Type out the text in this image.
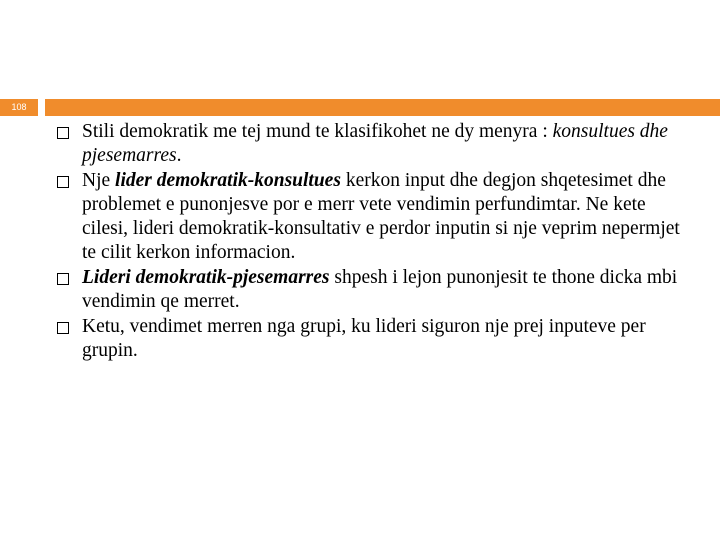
108
Stili demokratik me tej mund te klasifikohet ne dy menyra : konsultues dhe pjesemarres.
Nje lider demokratik-konsultues kerkon input dhe degjon shqetesimet dhe problemet e punonjesve por e merr vete vendimin perfundimtar. Ne kete cilesi, lideri demokratik-konsultativ e perdor inputin si nje veprim nepermjet te cilit kerkon informacion.
Lideri demokratik-pjesemarres shpesh i lejon punonjesit te thone dicka mbi vendimin qe merret.
Ketu, vendimet merren nga grupi, ku lideri siguron nje prej inputeve per grupin.
